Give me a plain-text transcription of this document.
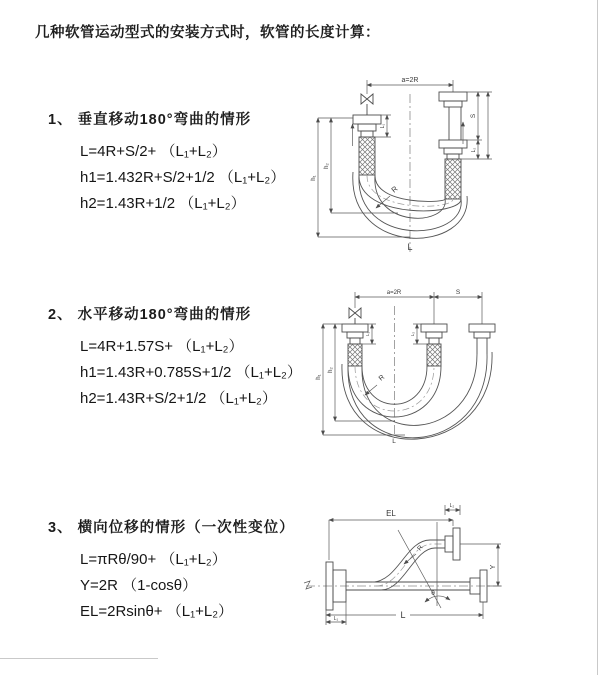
几种软管运动型式的安装方式时，软管的长度计算：
1、 垂直移动180°弯曲的情形
L=4R+S/2+ （L₁+L₂）
h1=1.432R+S/2+1/2 （L₁+L₂）
h2=1.43R+1/2 （L₁+L₂）
a=2R
R
h₁
h₂
L₁
S
L₂
L
2、 水平移动180°弯曲的情形
L=4R+1.57S+ （L₁+L₂）
h1=1.43R+0.785S+1/2 （L₁+L₂）
h2=1.43R+S/2+1/2 （L₁+L₂）
a=2R	S
L₁	L₂
h₁
h₂
R
L
3、 横向位移的情形（一次性变位）
L=πRθ/90+ （L₁+L₂）
Y=2R （1-cosθ）
EL=2Rsinθ+ （L₁+L₂）
θ
R
EL
L₂
Y
L
L₁
